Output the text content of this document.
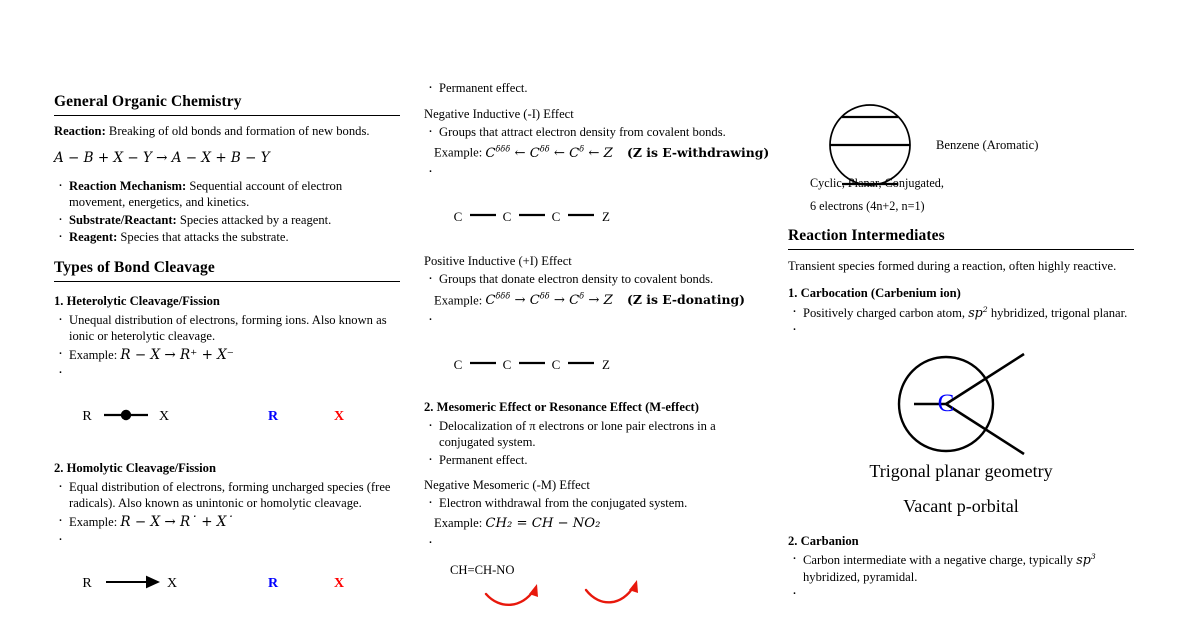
General Organic Chemistry

Reaction: Breaking of old bonds and formation of new bonds.

A − B + X − Y → A − X + B − Y
· Reaction Mechanism: Sequential account of electron movement, energetics, and kinetics.
· Substrate/Reactant: Species attacked by a reagent.
· Reagent: Species that attacks the substrate.
Types of Bond Cleavage
1. Heterolytic Cleavage/Fission
· Unequal distribution of electrons, forming ions. Also known as ionic or heterolytic cleavage.
· Example: R − X → R⁺ + X⁻
·
R	X	R	X
2. Homolytic Cleavage/Fission
· Equal distribution of electrons, forming uncharged species (free radicals). Also known as unintonic or homolytic cleavage.
· Example: R − X → R˙ + X˙
·
R	X	R	X
· Permanent effect.
Negative Inductive (-I) Effect
· Groups that attract electron density from covalent bonds.
Example: $C^{\delta\delta\delta}$ ← $C^{\delta\delta}$ ← $C^\delta$ ← Z (Z is E-withdrawing)
·
C	C	C	Z
Positive Inductive (+I) Effect
· Groups that donate electron density to covalent bonds.
Example: $C^{\delta\delta\delta} \to C^{\delta\delta} \to C^\delta \to Z$ (Z is E-donating)
·
C	C	C	Z
2. Mesomeric Effect or Resonance Effect (M-effect)
· Delocalization of π electrons or lone pair electrons in a conjugated system.
· Permanent effect.
Negative Mesomeric (-M) Effect
· Electron withdrawal from the conjugated system.
Example: CH₂ = CH − NO₂
·
CH=CH-NO
Benzene (Aromatic)
Cyclic, Planar, Conjugated,
6 electrons (4n+2, n=1)
Reaction Intermediates

Transient species formed during a reaction, often highly reactive.

1. Carbocation (Carbenium ion)
· Positively charged carbon atom, $sp^2$ hybridized, trigonal planar.
·
C
Trigonal planar geometry
Vacant p-orbital
2. Carbanion
· Carbon intermediate with a negative charge, typically $sp^3$ hybridized, pyramidal.
·
